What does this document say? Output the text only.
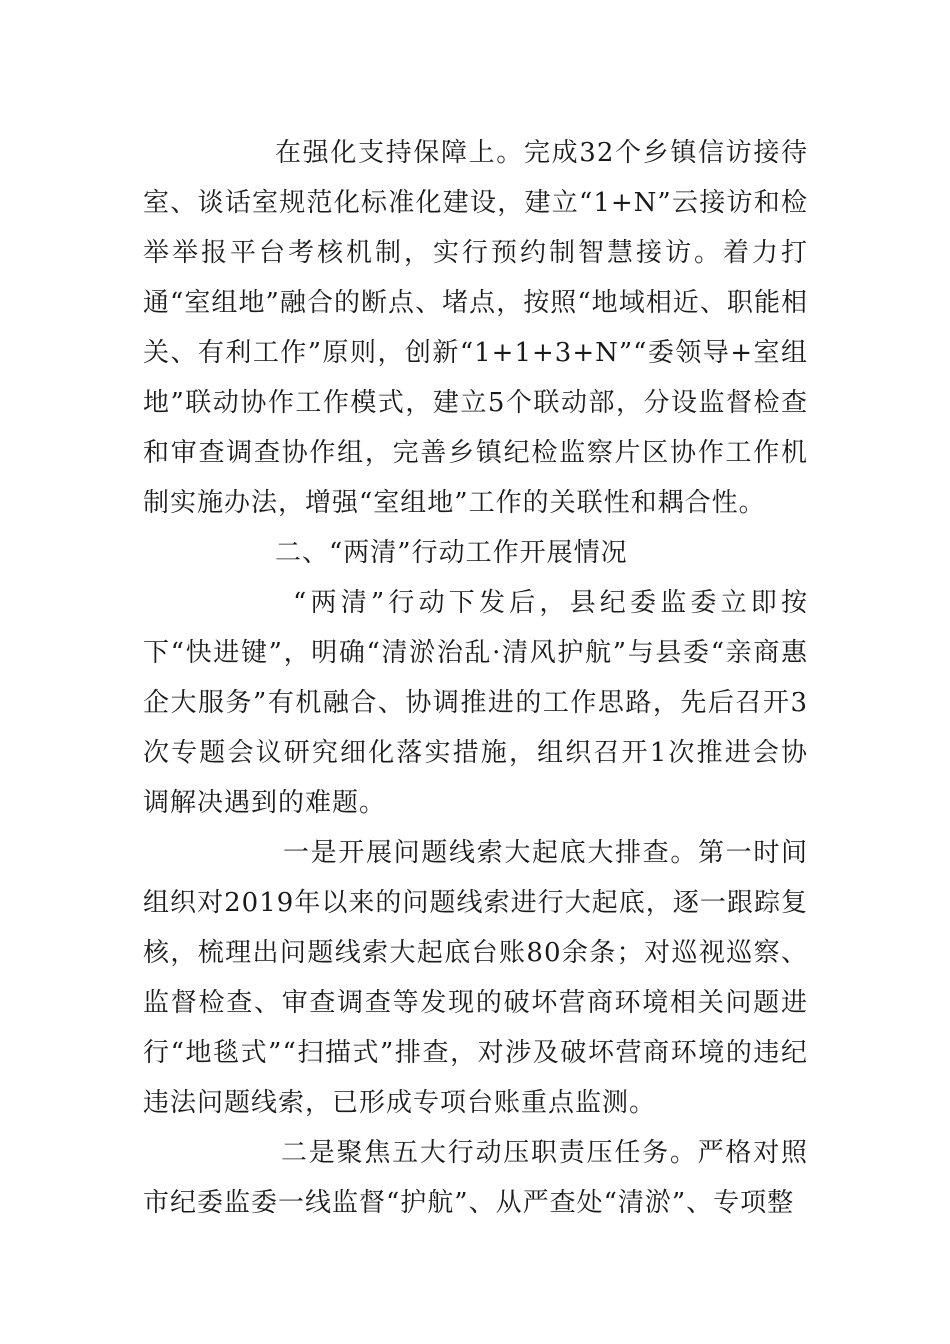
在强化支持保障上。完成32个乡镇信访接待室、谈话室规范化标准化建设，建立“1+N”云接访和检举举报平台考核机制，实行预约制智慧接访。着力打通“室组地”融合的断点、堵点，按照“地域相近、职能相关、有利工作”原则，创新“1+1+3+N”“委领导+室组地”联动协作工作模式，建立5个联动部，分设监督检查和审查调查协作组，完善乡镇纪检监察片区协作工作机制实施办法，增强“室组地”工作的关联性和耦合性。

二、“两清”行动工作开展情况

“两清”行动下发后，县纪委监委立即按下“快进键”，明确“清淤治乱·清风护航”与县委“亲商惠企大服务”有机融合、协调推进的工作思路，先后召开3次专题会议研究细化落实措施，组织召开1次推进会协调解决遇到的难题。

一是开展问题线索大起底大排查。第一时间组织对2019年以来的问题线索进行大起底，逐一跟踪复核，梳理出问题线索大起底台账80余条；对巡视巡察、监督检查、审查调查等发现的破坏营商环境相关问题进行“地毯式”“扫描式”排查，对涉及破坏营商环境的违纪违法问题线索，已形成专项台账重点监测。

二是聚焦五大行动压职责压任务。严格对照市纪委监委一线监督“护航”、从严查处“清淤”、专项整
